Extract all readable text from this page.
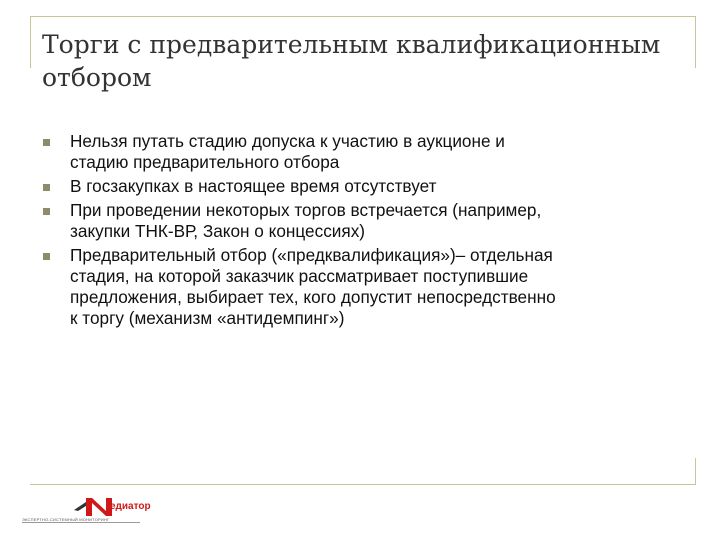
Торги с предварительным квалификационным
отбором
Нельзя путать стадию допуска к участию в аукционе и
стадию предварительного отбора
В госзакупках в настоящее время отсутствует
При проведении некоторых торгов встречается (например,
закупки ТНК-ВР, Закон о концессиях)
Предварительный отбор («предквалификация»)– отдельная
стадия, на которой заказчик рассматривает поступившие
предложения, выбирает тех, кого допустит непосредственно
к торгу (механизм «антидемпинг»)
едиатор
ЭКСПЕРТНО-СИСТЕМНЫЙ МОНИТОРИНГ
